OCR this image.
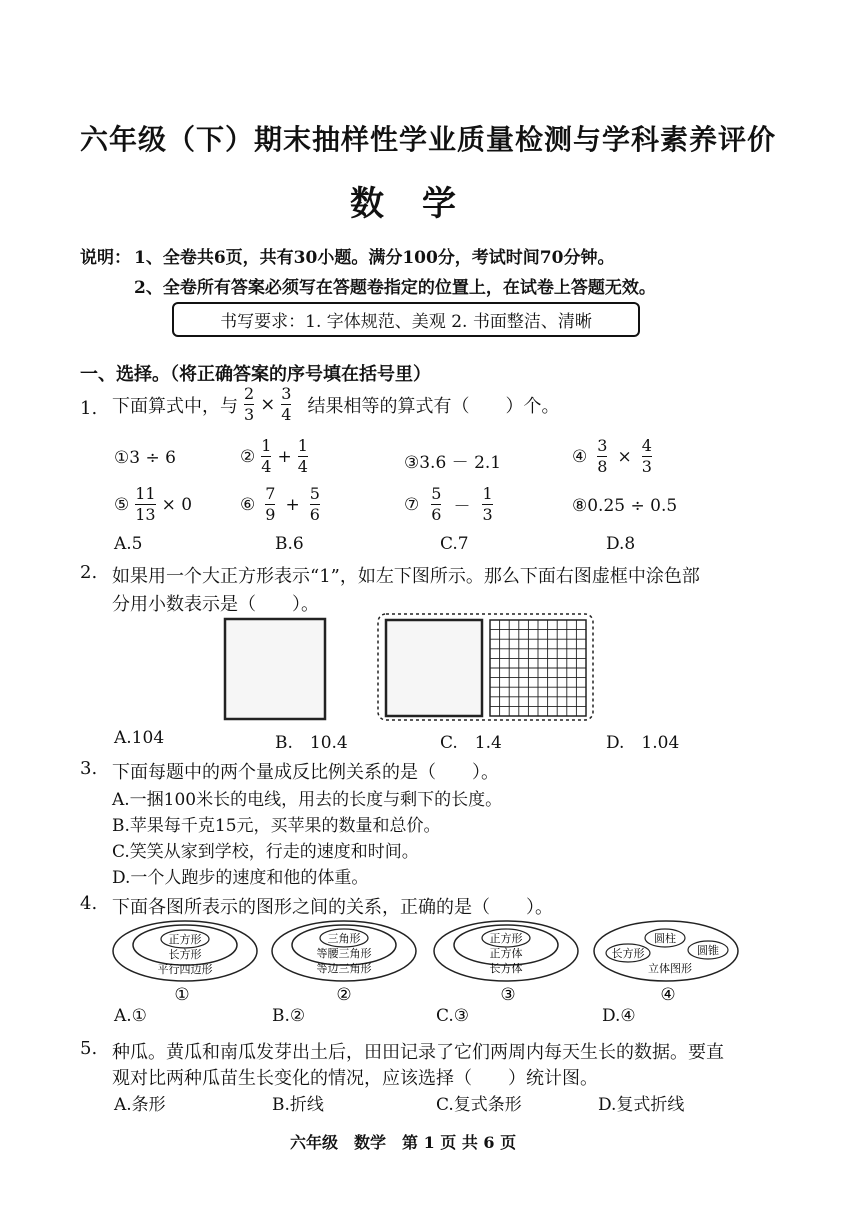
六年级（下）期末抽样性学业质量检测与学科素养评价
数学
说明： 1、全卷共6页，共有30小题。满分100分，考试时间70分钟。
2、全卷所有答案必须写在答题卷指定的位置上，在试卷上答题无效。
书写要求：1. 字体规范、美观 2. 书面整洁、清晰
一、选择。（将正确答案的序号填在括号里）
1. 下面算式中，与 $\frac{2}{3} \times \frac{3}{4}$ 结果相等的算式有（　　）个。
①3 ÷ 6	② $\frac{1}{4} + \frac{1}{4}$	③3.6 － 2.1	④ $\frac{3}{8} \times \frac{4}{3}$
⑤ $\frac{11}{13} \times 0$	⑥ $\frac{7}{9} + \frac{5}{6}$	⑦ $\frac{5}{6} - \frac{1}{3}$	⑧0.25 ÷ 0.5
A.5	B.6	C.7	D.8
2. 如果用一个大正方形表示“1”，如左下图所示。那么下面右图虚框中涂色部
分用小数表示是（　　）。
A.104	B.　10.4	C.　1.4	D.　1.04
3. 下面每题中的两个量成反比例关系的是（　　）。
A.一捆100米长的电线，用去的长度与剩下的长度。
B.苹果每千克15元，买苹果的数量和总价。
C.笑笑从家到学校，行走的速度和时间。
D.一个人跑步的速度和他的体重。
4. 下面各图所表示的图形之间的关系，正确的是（　　）。
正方形
长方形
平行四边形
①
三角形
等腰三角形
等边三角形
②
正方形
正方体
长方体
③
圆柱
长方形	圆锥
立体图形
④
A.①	B.②	C.③	D.④
5. 种瓜。黄瓜和南瓜发芽出土后，田田记录了它们两周内每天生长的数据。要直
观对比两种瓜苗生长变化的情况，应该选择（　　）统计图。
A.条形	B.折线	C.复式条形	D.复式折线
六年级　数学　第 1 页 共 6 页
